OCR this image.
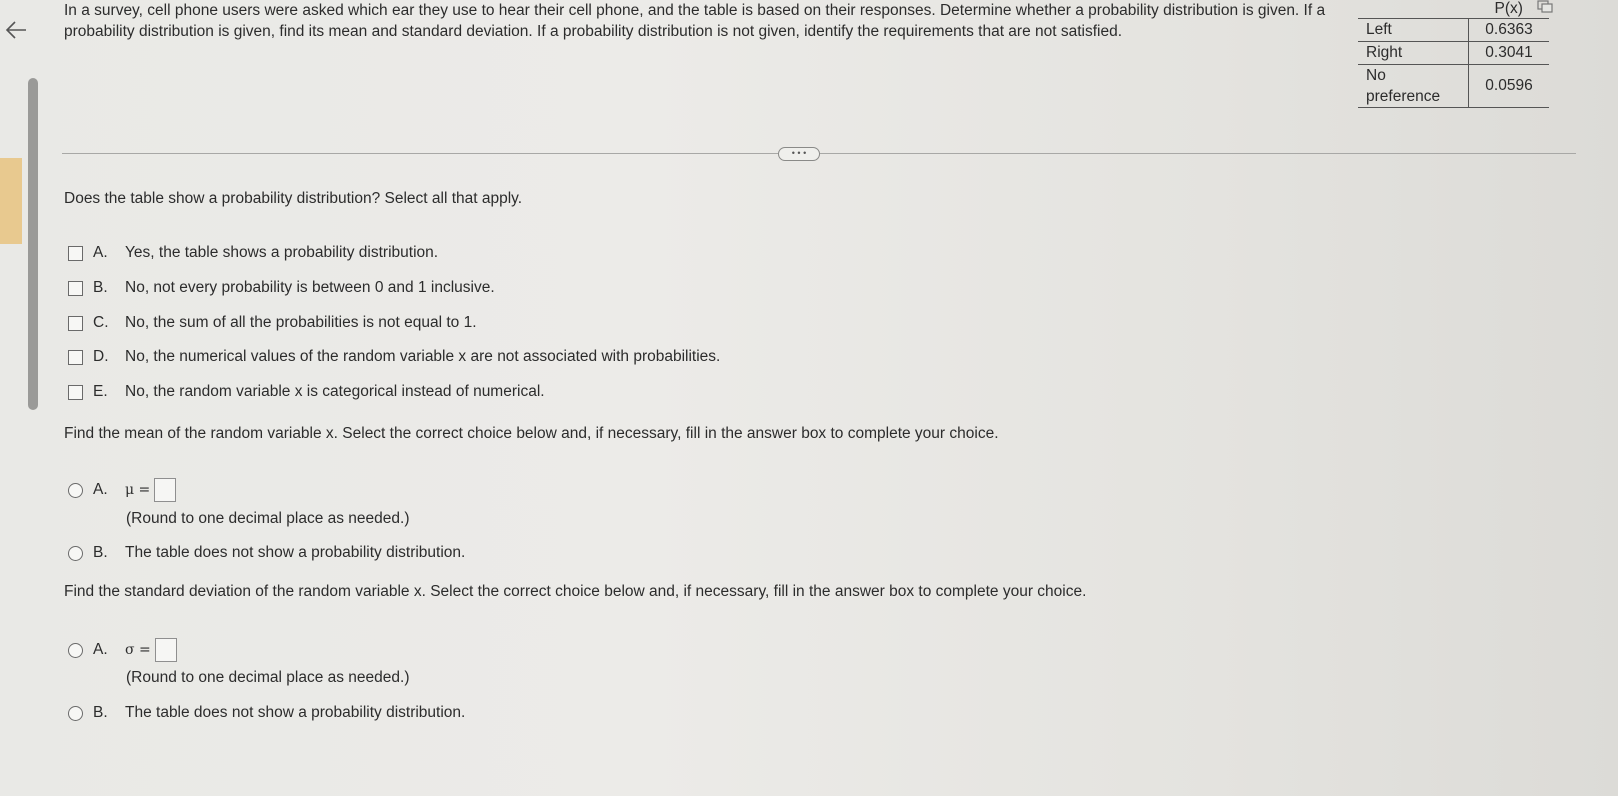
In a survey, cell phone users were asked which ear they use to hear their cell phone, and the table is based on their responses. Determine whether a probability distribution is given. If a probability distribution is given, find its mean and standard deviation. If a probability distribution is not given, identify the requirements that are not satisfied.
	P(x)
Left	0.6363
Right	0.3041
No preference	0.0596
• • •
Does the table show a probability distribution? Select all that apply.
A.	Yes, the table shows a probability distribution.
B.	No, not every probability is between 0 and 1 inclusive.
C.	No, the sum of all the probabilities is not equal to 1.
D.	No, the numerical values of the random variable x are not associated with probabilities.
E.	No, the random variable x is categorical instead of numerical.
Find the mean of the random variable x. Select the correct choice below and, if necessary, fill in the answer box to complete your choice.
A.	μ =
(Round to one decimal place as needed.)
B.	The table does not show a probability distribution.
Find the standard deviation of the random variable x. Select the correct choice below and, if necessary, fill in the answer box to complete your choice.
A.	σ =
(Round to one decimal place as needed.)
B.	The table does not show a probability distribution.
